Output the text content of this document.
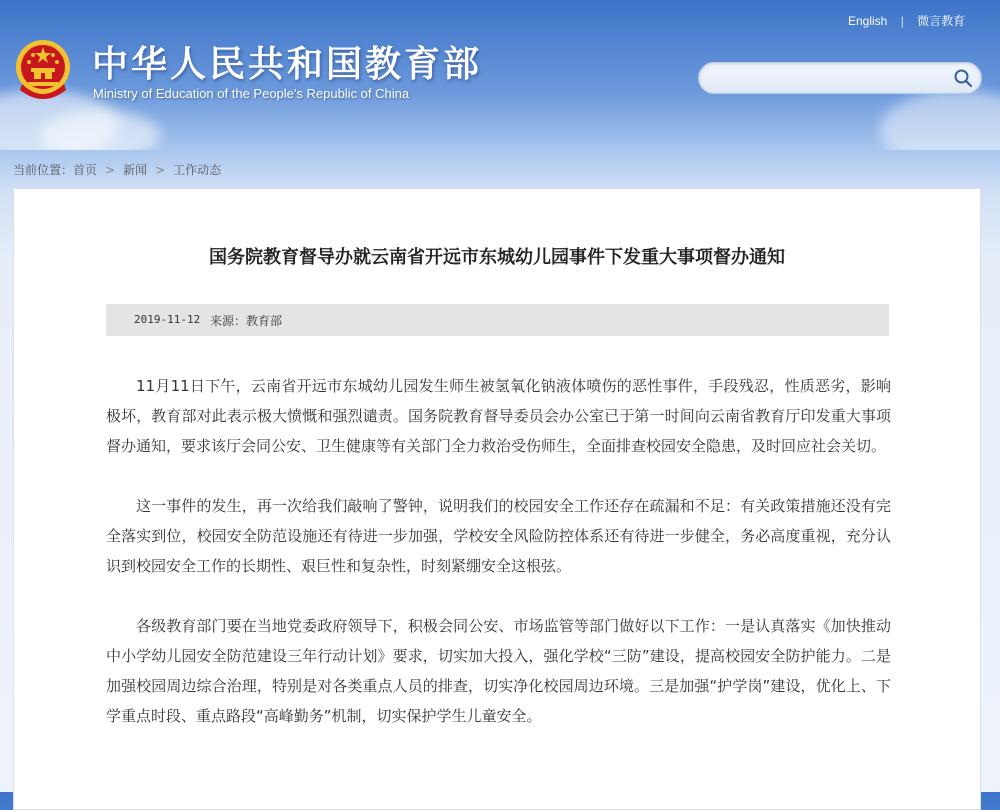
中华人民共和国教育部
Ministry of Education of the People's Republic of China
English | 微言教育
当前位置：首页 > 新闻 > 工作动态
国务院教育督导办就云南省开远市东城幼儿园事件下发重大事项督办通知
2019-11-12 来源：教育部

11月11日下午，云南省开远市东城幼儿园发生师生被氢氧化钠液体喷伤的恶性事件，手段残忍，性质恶劣，影响极坏，教育部对此表示极大愤慨和强烈谴责。国务院教育督导委员会办公室已于第一时间向云南省教育厅印发重大事项督办通知，要求该厅会同公安、卫生健康等有关部门全力救治受伤师生，全面排查校园安全隐患，及时回应社会关切。

这一事件的发生，再一次给我们敲响了警钟，说明我们的校园安全工作还存在疏漏和不足：有关政策措施还没有完全落实到位，校园安全防范设施还有待进一步加强，学校安全风险防控体系还有待进一步健全，务必高度重视，充分认识到校园安全工作的长期性、艰巨性和复杂性，时刻紧绷安全这根弦。

各级教育部门要在当地党委政府领导下，积极会同公安、市场监管等部门做好以下工作：一是认真落实《加快推动中小学幼儿园安全防范建设三年行动计划》要求，切实加大投入，强化学校“三防”建设，提高校园安全防护能力。二是加强校园周边综合治理，特别是对各类重点人员的排查，切实净化校园周边环境。三是加强“护学岗”建设，优化上、下学重点时段、重点路段“高峰勤务”机制，切实保护学生儿童安全。
